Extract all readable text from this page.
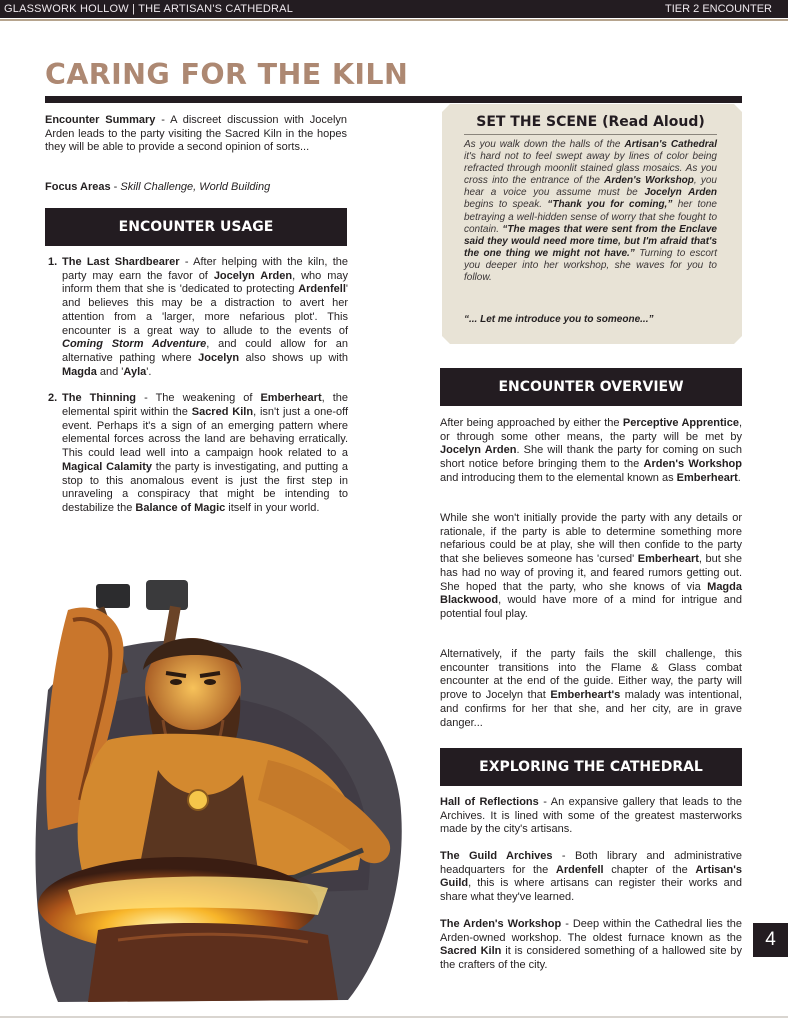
GLASSWORK HOLLOW | THE ARTISAN'S CATHEDRAL	TIER 2 ENCOUNTER
CARING FOR THE KILN

Encounter Summary - A discreet discussion with Jocelyn Arden leads to the party visiting the Sacred Kiln in the hopes they will be able to provide a second opinion of sorts...

Focus Areas - Skill Challenge, World Building

ENCOUNTER USAGE
1. The Last Shardbearer - After helping with the kiln, the party may earn the favor of Jocelyn Arden, who may inform them that she is 'dedicated to protecting Ardenfell' and believes this may be a distraction to avert her attention from a 'larger, more nefarious plot'. This encounter is a great way to allude to the events of Coming Storm Adventure, and could allow for an alternative pathing where Jocelyn also shows up with Magda and 'Ayla'.
2. The Thinning - The weakening of Emberheart, the elemental spirit within the Sacred Kiln, isn't just a one-off event. Perhaps it's a sign of an emerging pattern where elemental forces across the land are behaving erratically. This could lead well into a campaign hook related to a Magical Calamity the party is investigating, and putting a stop to this anomalous event is just the first step in unraveling a conspiracy that might be intending to destabilize the Balance of Magic itself in your world.
SET THE SCENE (Read Aloud)

As you walk down the halls of the Artisan's Cathedral it's hard not to feel swept away by lines of color being refracted through moonlit stained glass mosaics. As you cross into the entrance of the Arden's Workshop, you hear a voice you assume must be Jocelyn Arden begins to speak. “Thank you for coming,” her tone betraying a well-hidden sense of worry that she fought to contain. “The mages that were sent from the Enclave said they would need more time, but I'm afraid that's the one thing we might not have.” Turning to escort you deeper into her workshop, she waves for you to follow.

“... Let me introduce you to someone...”

ENCOUNTER OVERVIEW

After being approached by either the Perceptive Apprentice, or through some other means, the party will be met by Jocelyn Arden. She will thank the party for coming on such short notice before bringing them to the Arden's Workshop and introducing them to the elemental known as Emberheart.

While she won't initially provide the party with any details or rationale, if the party is able to determine something more nefarious could be at play, she will then confide to the party that she believes someone has 'cursed' Emberheart, but she has had no way of proving it, and feared rumors getting out. She hoped that the party, who she knows of via Magda Blackwood, would have more of a mind for intrigue and potential foul play.

Alternatively, if the party fails the skill challenge, this encounter transitions into the Flame & Glass combat encounter at the end of the guide. Either way, the party will prove to Jocelyn that Emberheart's malady was intentional, and confirms for her that she, and her city, are in grave danger...

EXPLORING THE CATHEDRAL

Hall of Reflections - An expansive gallery that leads to the Archives. It is lined with some of the greatest masterworks made by the city's artisans.

The Guild Archives - Both library and administrative headquarters for the Ardenfell chapter of the Artisan's Guild, this is where artisans can register their works and share what they've learned.

The Arden's Workshop - Deep within the Cathedral lies the Arden-owned workshop. The oldest furnace known as the Sacred Kiln it is considered something of a hallowed site by the crafters of the city.

4
